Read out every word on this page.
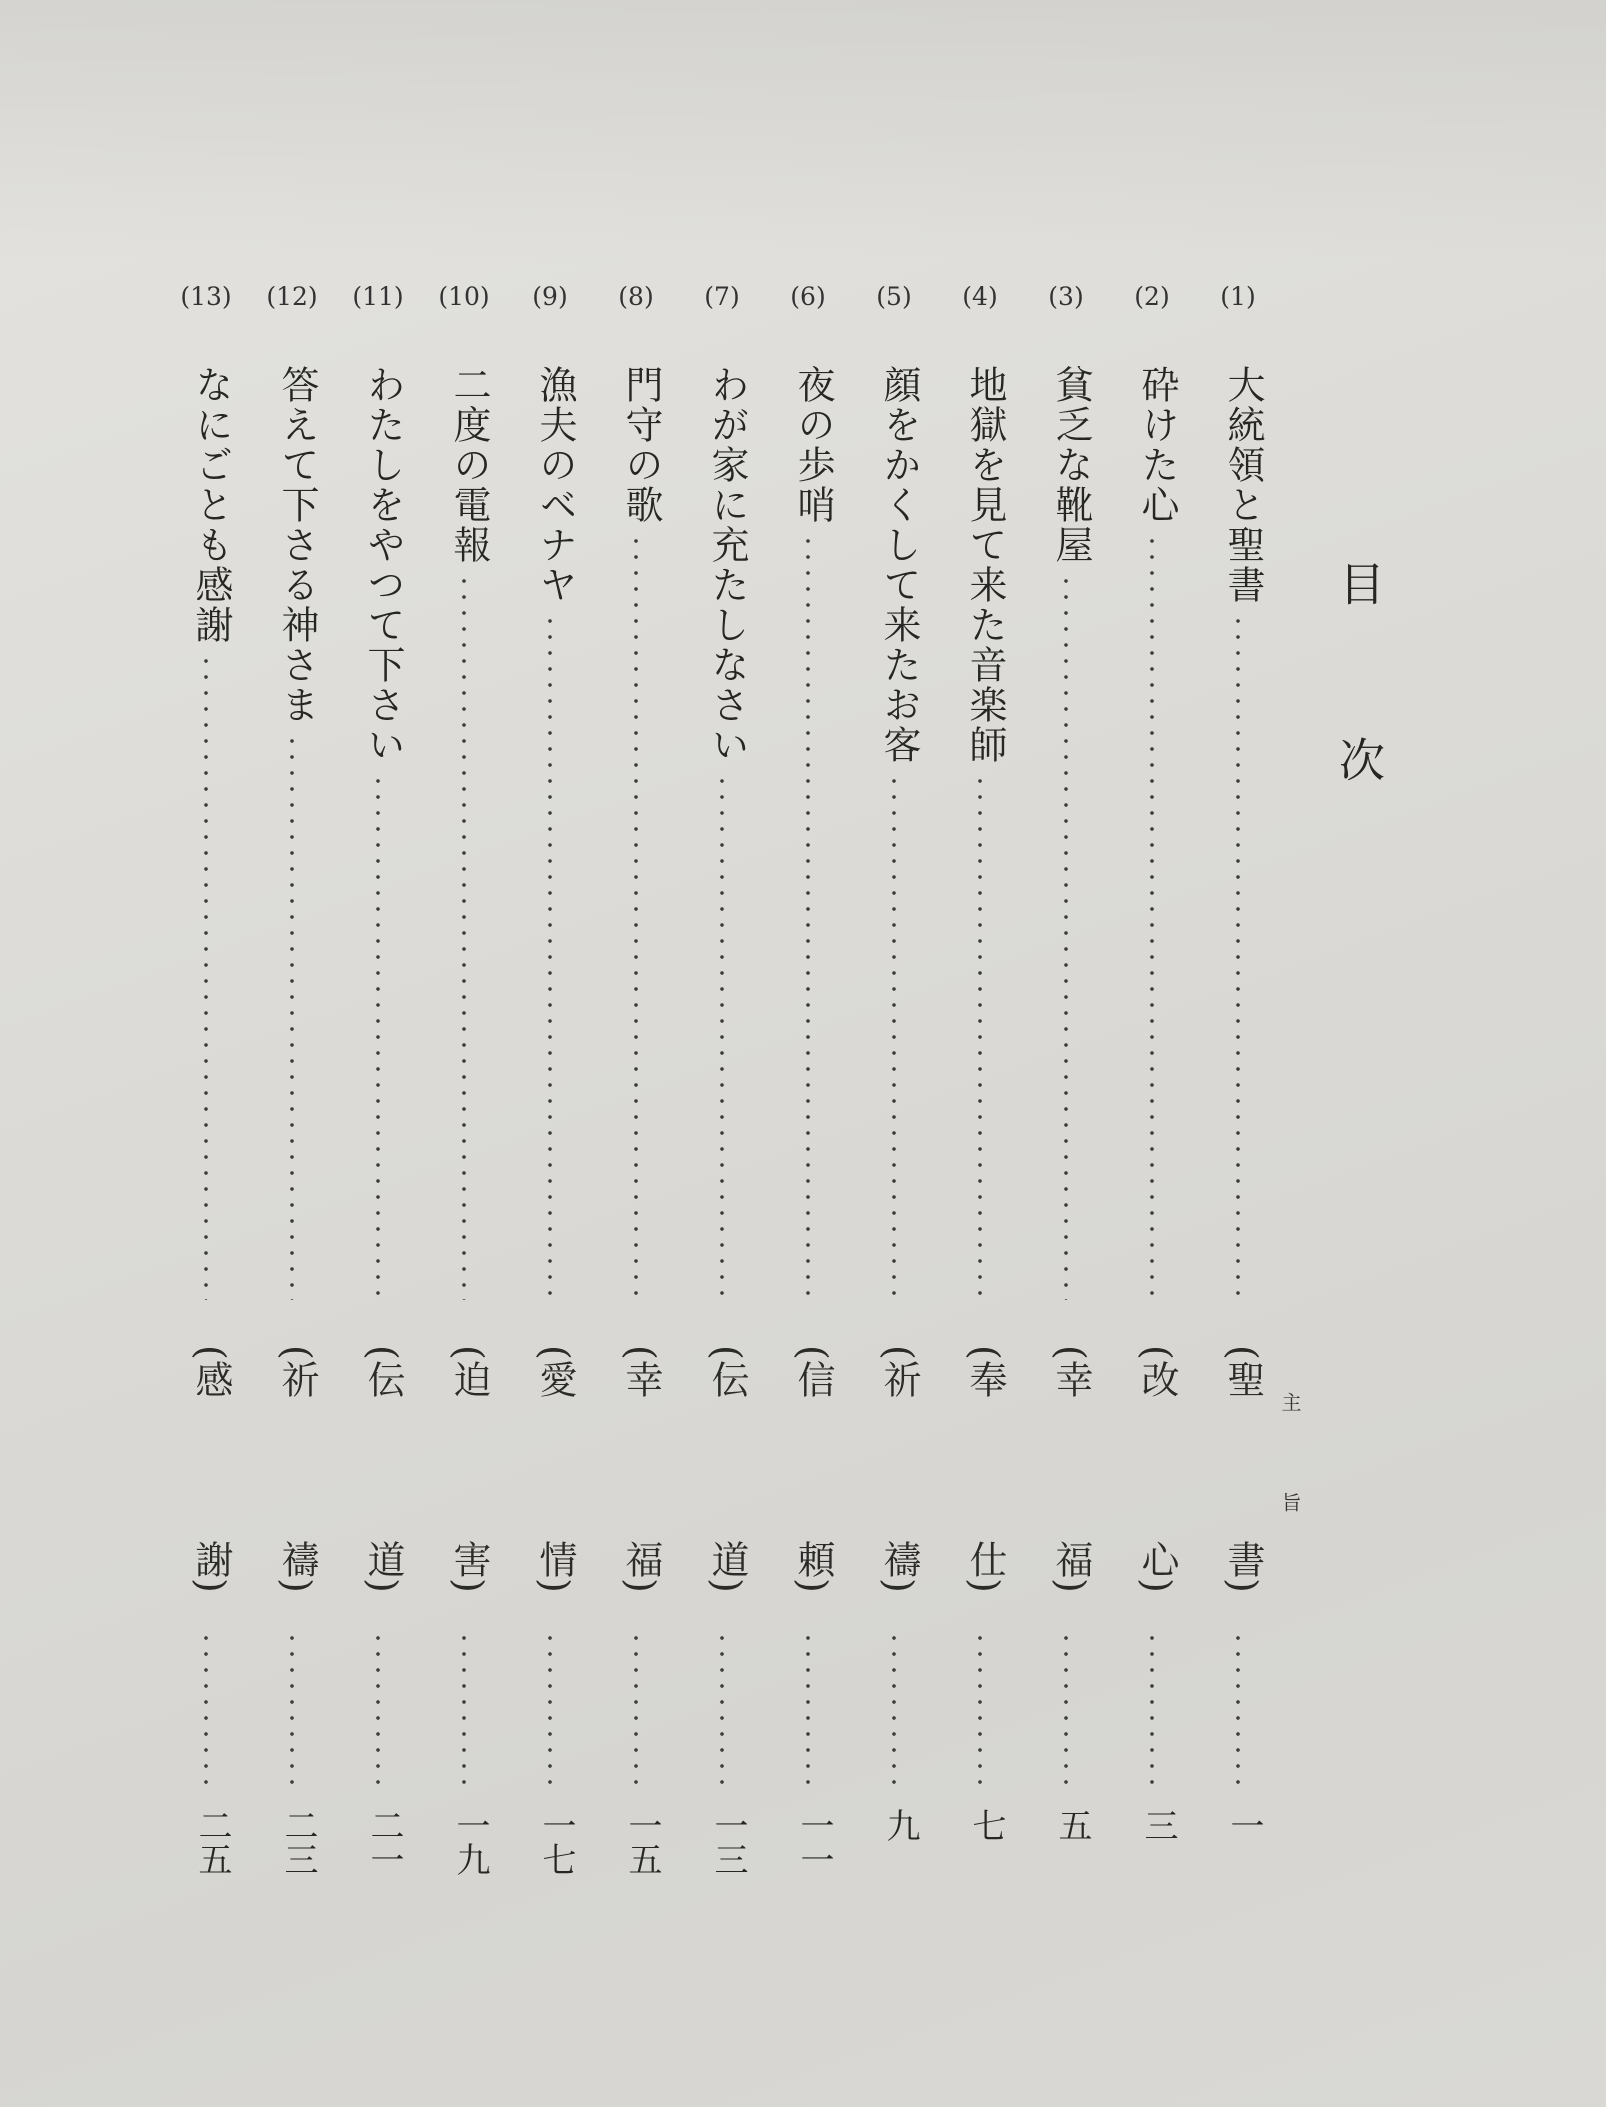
目次
主旨
(1)
大統領と聖書
(聖
書)
一
(2)
砕けた心
(改
心)
三
(3)
貧乏な靴屋
(幸
福)
五
(4)
地獄を見て来た音楽師
(奉
仕)
七
(5)
顔をかくして来たお客
(祈
禱)
九
(6)
夜の歩哨
(信
頼)
一一
(7)
わが家に充たしなさい
(伝
道)
一三
(8)
門守の歌
(幸
福)
一五
(9)
漁夫のベナヤ
(愛
情)
一七
(10)
二度の電報
(迫
害)
一九
(11)
わたしをやつて下さい
(伝
道)
二一
(12)
答えて下さる神さま
(祈
禱)
二三
(13)
なにごとも感謝
(感
謝)
二五
